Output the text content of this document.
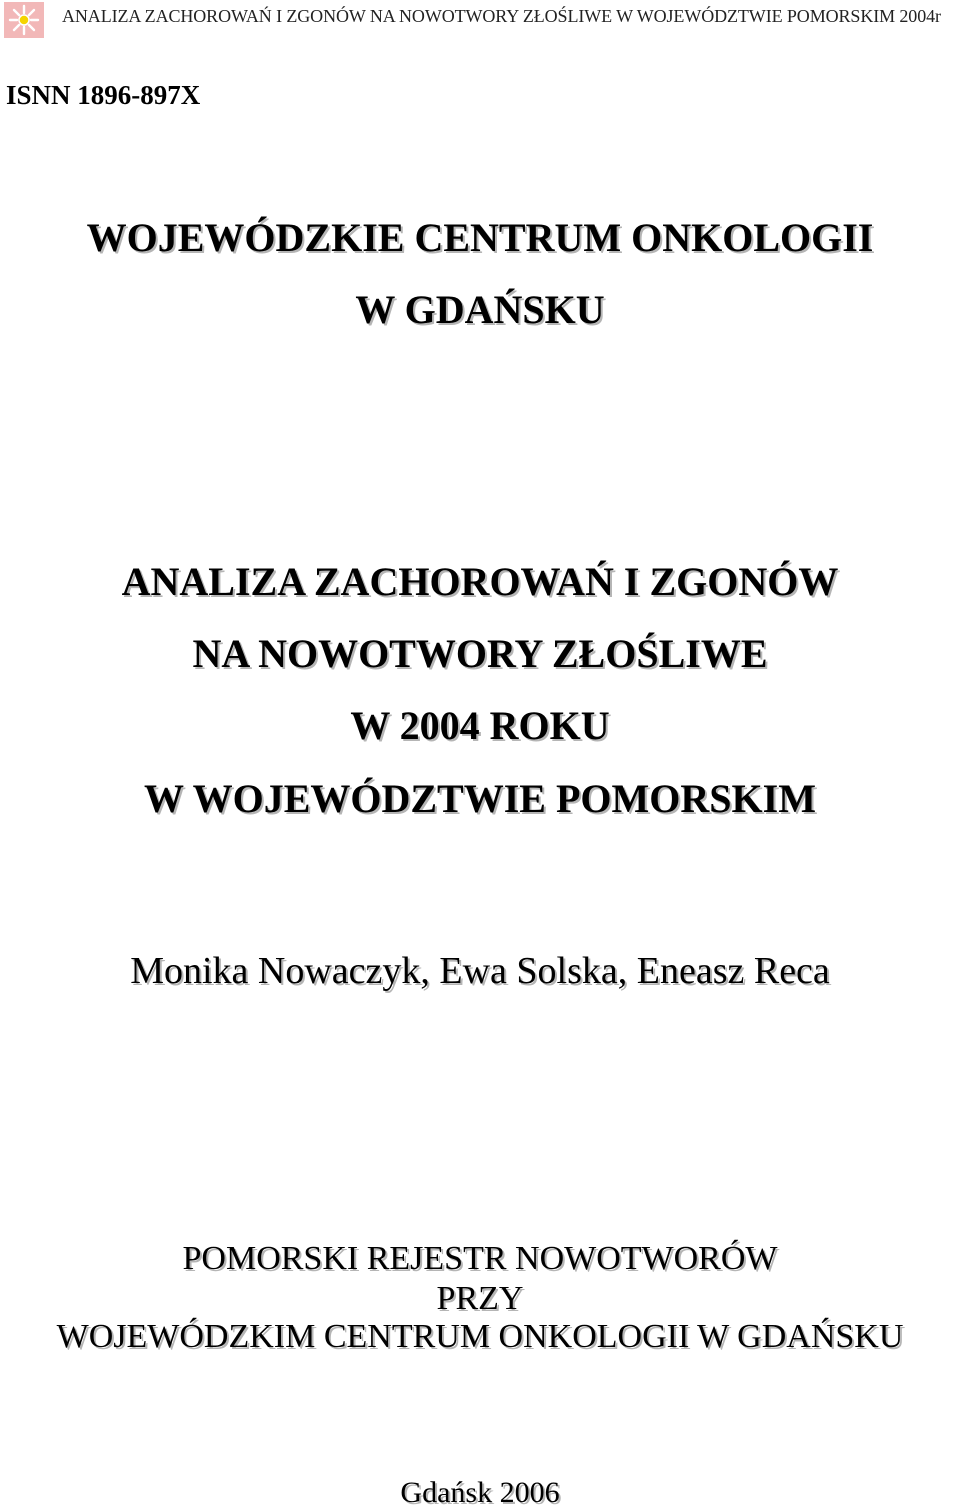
ANALIZA ZACHOROWAŃ I ZGONÓW NA NOWOTWORY ZŁOŚLIWE W WOJEWÓDZTWIE POMORSKIM 2004r
ISNN 1896-897X
WOJEWÓDZKIE CENTRUM ONKOLOGII
W GDAŃSKU
ANALIZA ZACHOROWAŃ I ZGONÓW
NA NOWOTWORY ZŁOŚLIWE
W 2004 ROKU
W WOJEWÓDZTWIE POMORSKIM
Monika Nowaczyk, Ewa Solska, Eneasz Reca
POMORSKI REJESTR NOWOTWORÓW
PRZY
WOJEWÓDZKIM CENTRUM ONKOLOGII W GDAŃSKU
Gdańsk 2006
